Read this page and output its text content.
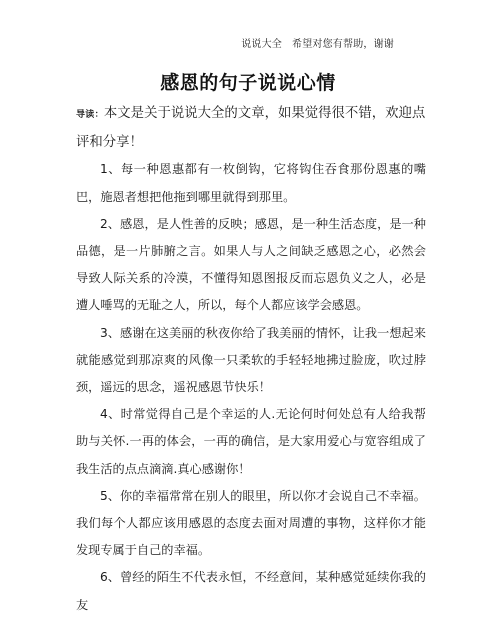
说说大全 希望对您有帮助，谢谢
感恩的句子说说心情

导读：本文是关于说说大全的文章，如果觉得很不错，欢迎点评和分享！

1、每一种恩惠都有一枚倒钩，它将钩住吞食那份恩惠的嘴巴，施恩者想把他拖到哪里就得到那里。

2、感恩，是人性善的反映；感恩，是一种生活态度，是一种品德，是一片肺腑之言。如果人与人之间缺乏感恩之心，必然会导致人际关系的冷漠，不懂得知恩图报反而忘恩负义之人，必是遭人唾骂的无耻之人，所以，每个人都应该学会感恩。

3、感谢在这美丽的秋夜你给了我美丽的情怀，让我一想起来就能感觉到那凉爽的风像一只柔软的手轻轻地拂过脸庞，吹过脖颈，遥远的思念，遥祝感恩节快乐！

4、时常觉得自己是个幸运的人.无论何时何处总有人给我帮助与关怀.一再的体会，一再的确信，是大家用爱心与宽容组成了我生活的点点滴滴.真心感谢你！

5、你的幸福常常在别人的眼里，所以你才会说自己不幸福。我们每个人都应该用感恩的态度去面对周遭的事物，这样你才能发现专属于自己的幸福。

6、曾经的陌生不代表永恒，不经意间，某种感觉延续你我的友
